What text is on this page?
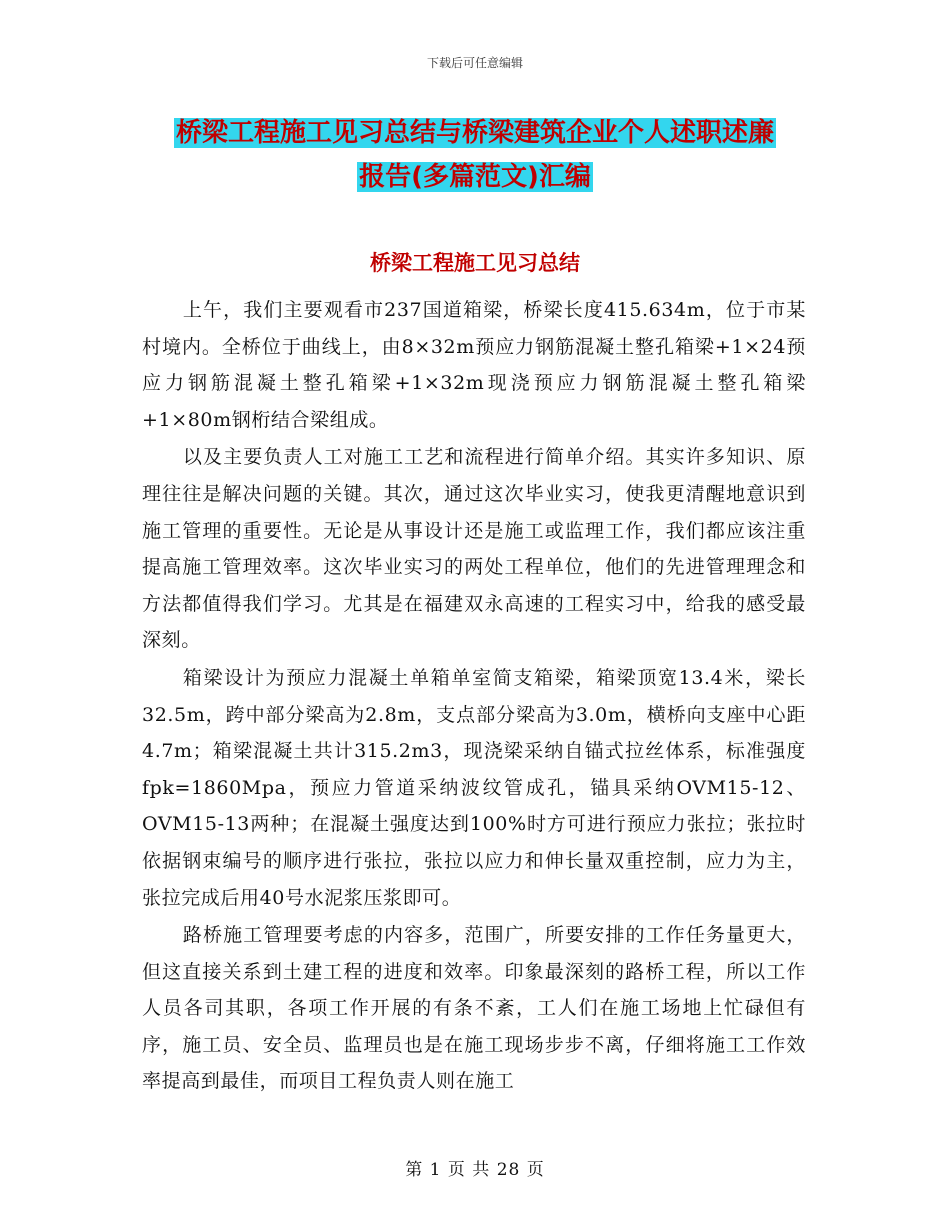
下载后可任意编辑
桥梁工程施工见习总结与桥梁建筑企业个人述职述廉
报告(多篇范文)汇编
桥梁工程施工见习总结

上午，我们主要观看市237国道箱梁，桥梁长度415.634m，位于市某村境内。全桥位于曲线上，由8×32m预应力钢筋混凝土整孔箱梁+1×24预应力钢筋混凝土整孔箱梁+1×32m现浇预应力钢筋混凝土整孔箱梁+1×80m钢桁结合梁组成。

以及主要负责人工对施工工艺和流程进行简单介绍。其实许多知识、原理往往是解决问题的关键。其次，通过这次毕业实习，使我更清醒地意识到施工管理的重要性。无论是从事设计还是施工或监理工作，我们都应该注重提高施工管理效率。这次毕业实习的两处工程单位，他们的先进管理理念和方法都值得我们学习。尤其是在福建双永高速的工程实习中，给我的感受最深刻。

箱梁设计为预应力混凝土单箱单室简支箱梁，箱梁顶宽13.4米，梁长32.5m，跨中部分梁高为2.8m，支点部分梁高为3.0m，横桥向支座中心距4.7m；箱梁混凝土共计315.2m3，现浇梁采纳自锚式拉丝体系，标准强度fpk=1860Mpa，预应力管道采纳波纹管成孔，锚具采纳OVM15-12、OVM15-13两种；在混凝土强度达到100%时方可进行预应力张拉；张拉时依据钢束编号的顺序进行张拉，张拉以应力和伸长量双重控制，应力为主，张拉完成后用40号水泥浆压浆即可。

路桥施工管理要考虑的内容多，范围广，所要安排的工作任务量更大，但这直接关系到土建工程的进度和效率。印象最深刻的路桥工程，所以工作人员各司其职，各项工作开展的有条不紊，工人们在施工场地上忙碌但有序，施工员、安全员、监理员也是在施工现场步步不离，仔细将施工工作效率提高到最佳，而项目工程负责人则在施工

第 1 页 共 28 页
